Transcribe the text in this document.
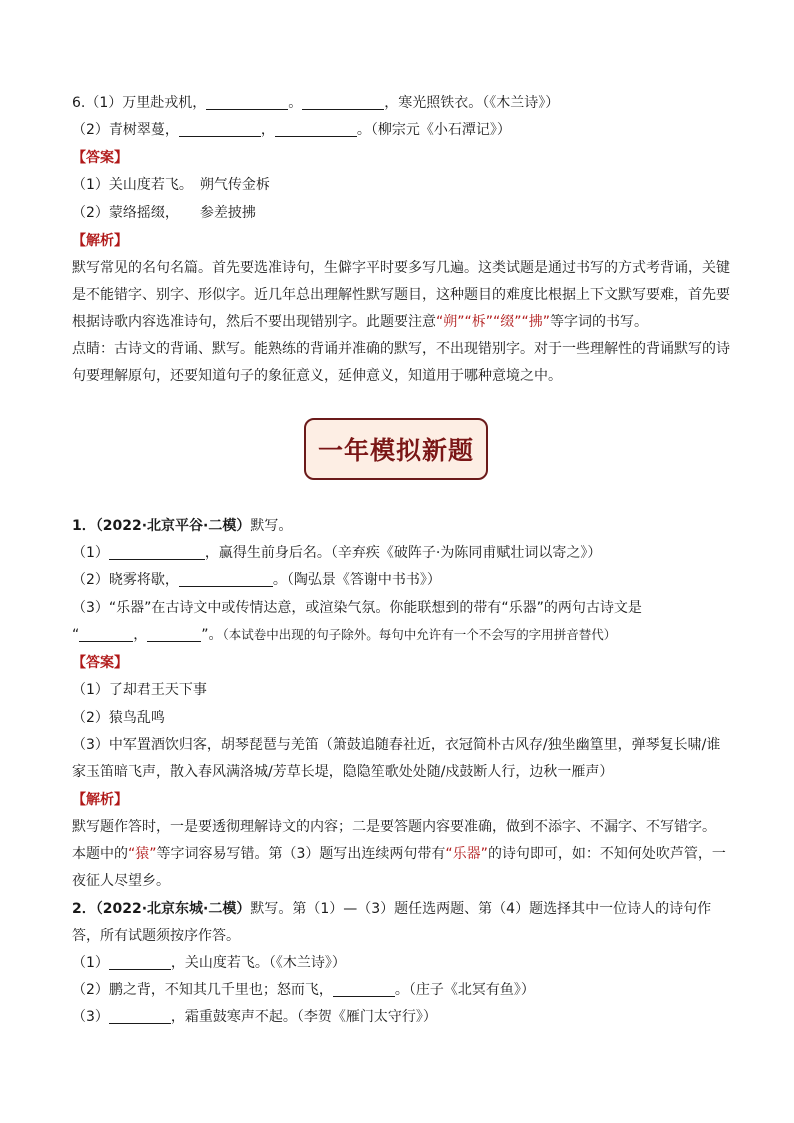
6.（1）万里赴戎机，	。	，寒光照铁衣。（《木兰诗》）
（2）青树翠蔓，	，	。（柳宗元《小石潭记》）
【答案】
（1）关山度若飞。　朔气传金柝
（2）蒙络摇缀，　　参差披拂
【解析】
默写常见的名句名篇。首先要选准诗句，生僻字平时要多写几遍。这类试题是通过书写的方式考背诵，关键是不能错字、别字、形似字。近几年总出理解性默写题目，这种题目的难度比根据上下文默写要难，首先要根据诗歌内容选准诗句，然后不要出现错别字。此题要注意“朔”“柝”“缀”“拂”等字词的书写。
点睛：古诗文的背诵、默写。能熟练的背诵并准确的默写，不出现错别字。对于一些理解性的背诵默写的诗句要理解原句，还要知道句子的象征意义，延伸意义，知道用于哪种意境之中。
一年模拟新题
1．（2022·北京平谷·二模）默写。
（1）	，赢得生前身后名。（辛弃疾《破阵子·为陈同甫赋壮词以寄之》）
（2）晓雾将歇，	。（陶弘景《答谢中书书》）
（3）“乐器”在古诗文中或传情达意，或渲染气氛。你能联想到的带有“乐器”的两句古诗文是
“	，	”。（本试卷中出现的句子除外。每句中允许有一个不会写的字用拼音替代）
【答案】
（1）了却君王天下事
（2）猿鸟乱鸣
（3）中军置酒饮归客，胡琴琵琶与羌笛（箫鼓追随春社近，衣冠简朴古风存/独坐幽篁里，弹琴复长啸/谁家玉笛暗飞声，散入春风满洛城/芳草长堤，隐隐笙歌处处随/戍鼓断人行，边秋一雁声）
【解析】
默写题作答时，一是要透彻理解诗文的内容；二是要答题内容要准确，做到不添字、不漏字、不写错字。
本题中的“猿”等字词容易写错。第（3）题写出连续两句带有“乐器”的诗句即可，如：不知何处吹芦管，一夜征人尽望乡。
2．（2022·北京东城·二模）默写。第（1）—（3）题任选两题、第（4）题选择其中一位诗人的诗句作答，所有试题须按序作答。
（1）	，关山度若飞。（《木兰诗》）
（2）鹏之背，不知其几千里也；怒而飞，	。（庄子《北冥有鱼》）
（3）	，霜重鼓寒声不起。（李贺《雁门太守行》）
